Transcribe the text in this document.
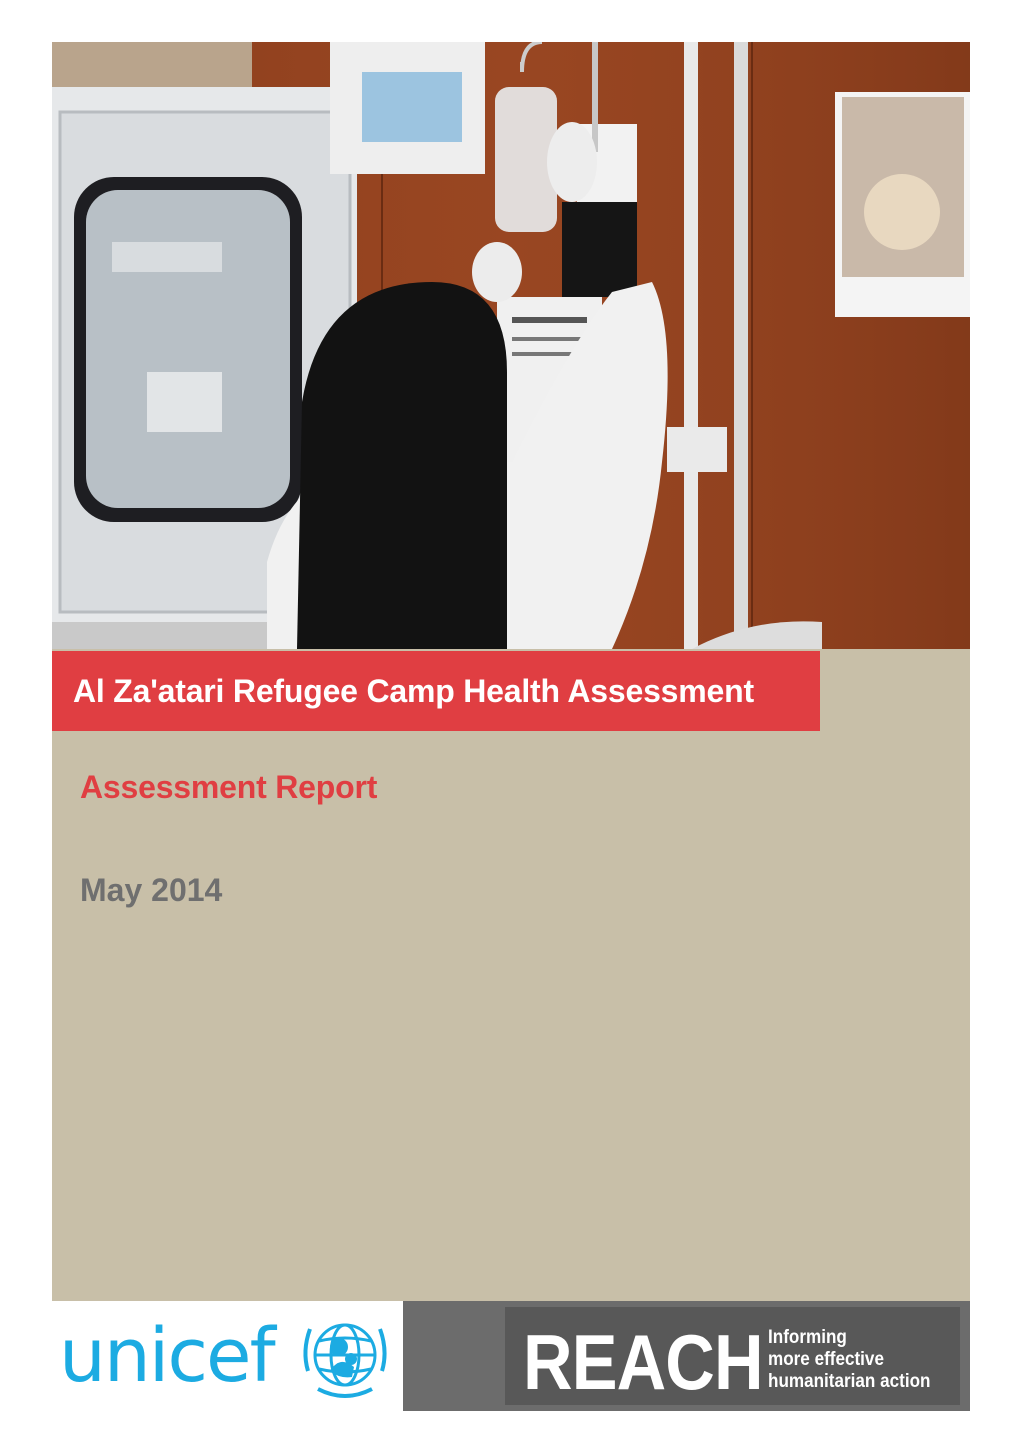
Al Za'atari Refugee Camp Health Assessment
Assessment Report
May 2014
unicef	REACH Informing
more effective
humanitarian action
